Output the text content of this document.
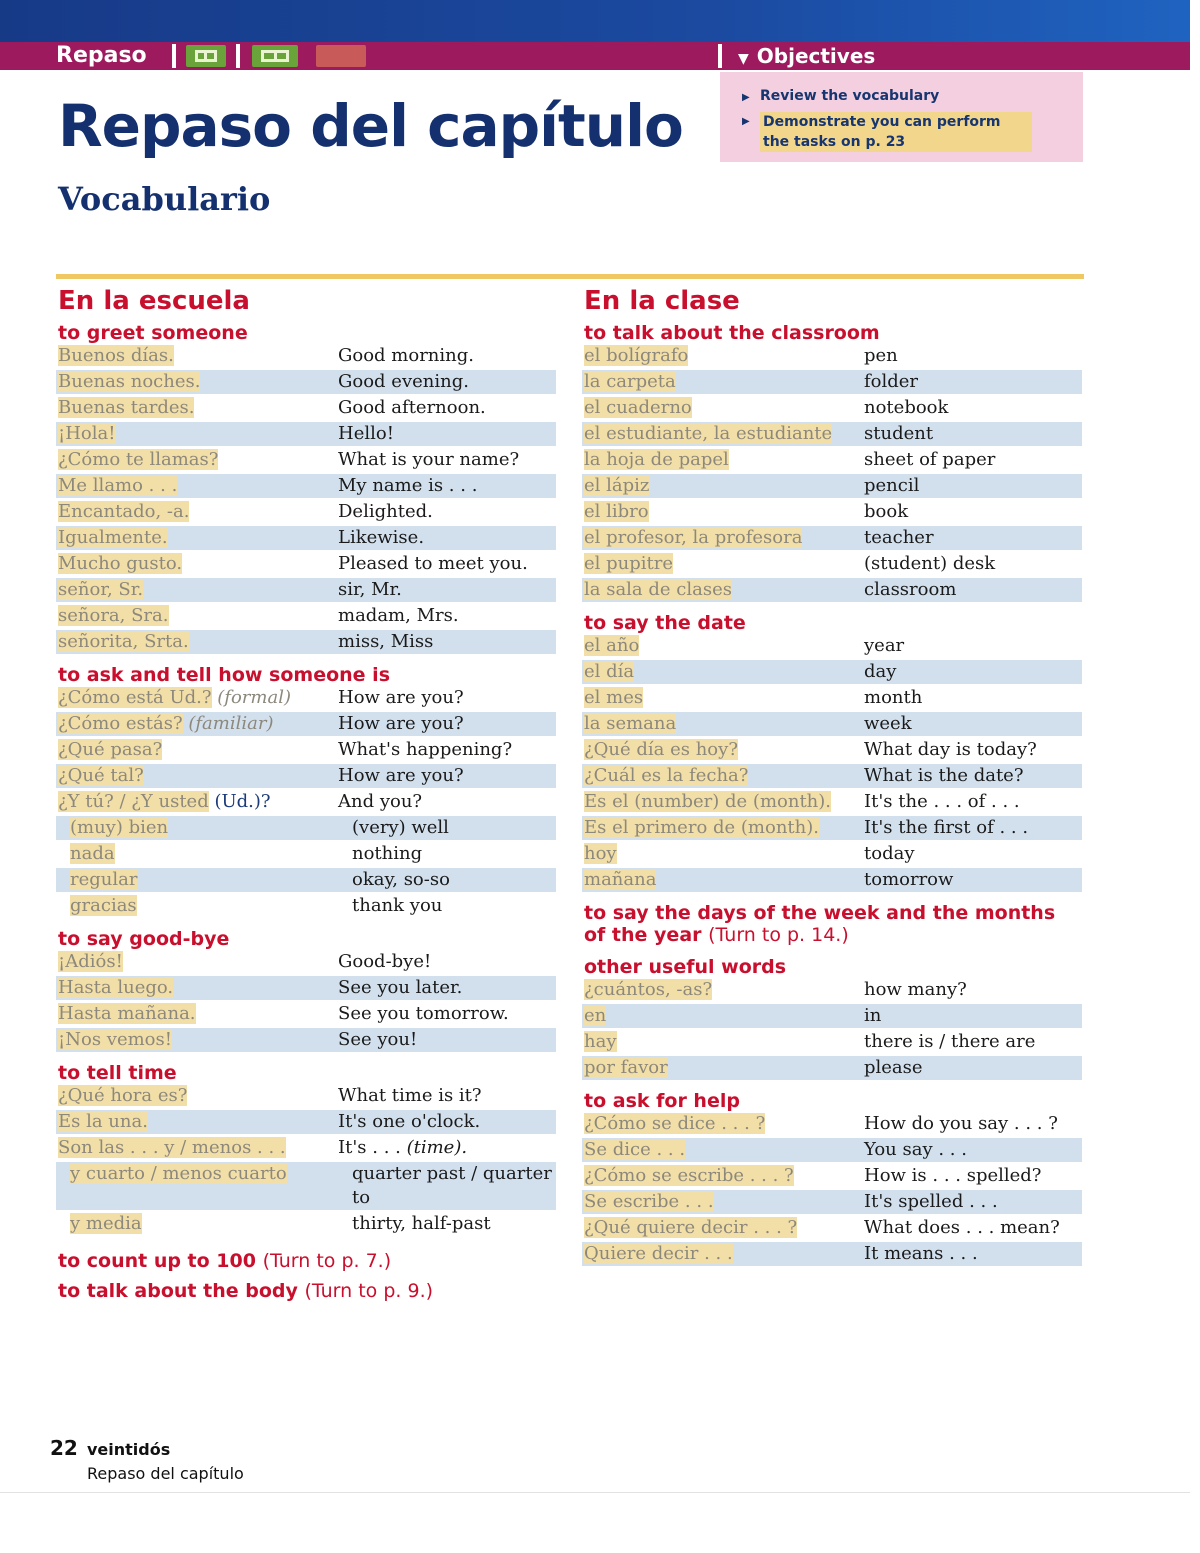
Repaso	▼ Objectives
▶ Review the vocabulary
▶ Demonstrate you can perform the tasks on p. 23
Repaso del capítulo
Vocabulario
En la escuela
to greet someone
Buenos días.	Good morning.
Buenas noches.	Good evening.
Buenas tardes.	Good afternoon.
¡Hola!	Hello!
¿Cómo te llamas?	What is your name?
Me llamo . . .	My name is . . .
Encantado, -a.	Delighted.
Igualmente.	Likewise.
Mucho gusto.	Pleased to meet you.
señor, Sr.	sir, Mr.
señora, Sra.	madam, Mrs.
señorita, Srta.	miss, Miss
to ask and tell how someone is
¿Cómo está Ud.? (formal)	How are you?
¿Cómo estás? (familiar)	How are you?
¿Qué pasa?	What's happening?
¿Qué tal?	How are you?
¿Y tú? / ¿Y usted (Ud.)?	And you?
(muy) bien	(very) well
nada	nothing
regular	okay, so-so
gracias	thank you
to say good-bye
¡Adiós!	Good-bye!
Hasta luego.	See you later.
Hasta mañana.	See you tomorrow.
¡Nos vemos!	See you!
to tell time
¿Qué hora es?	What time is it?
Es la una.	It's one o'clock.
Son las . . . y / menos . . .	It's . . . (time).
y cuarto / menos cuarto	quarter past / quarter to
y media	thirty, half-past
to count up to 100 (Turn to p. 7.)
to talk about the body (Turn to p. 9.)
En la clase
to talk about the classroom
el bolígrafo	pen
la carpeta	folder
el cuaderno	notebook
el estudiante, la estudiante	student
la hoja de papel	sheet of paper
el lápiz	pencil
el libro	book
el profesor, la profesora	teacher
el pupitre	(student) desk
la sala de clases	classroom
to say the date
el año	year
el día	day
el mes	month
la semana	week
¿Qué día es hoy?	What day is today?
¿Cuál es la fecha?	What is the date?
Es el (number) de (month).	It's the . . . of . . .
Es el primero de (month).	It's the first of . . .
hoy	today
mañana	tomorrow
to say the days of the week and the months of the year (Turn to p. 14.)
other useful words
¿cuántos, -as?	how many?
en	in
hay	there is / there are
por favor	please
to ask for help
¿Cómo se dice . . . ?	How do you say . . . ?
Se dice . . .	You say . . .
¿Cómo se escribe . . . ?	How is . . . spelled?
Se escribe . . .	It's spelled . . .
¿Qué quiere decir . . . ?	What does . . . mean?
Quiere decir . . .	It means . . .
22 veintidós
Repaso del capítulo
